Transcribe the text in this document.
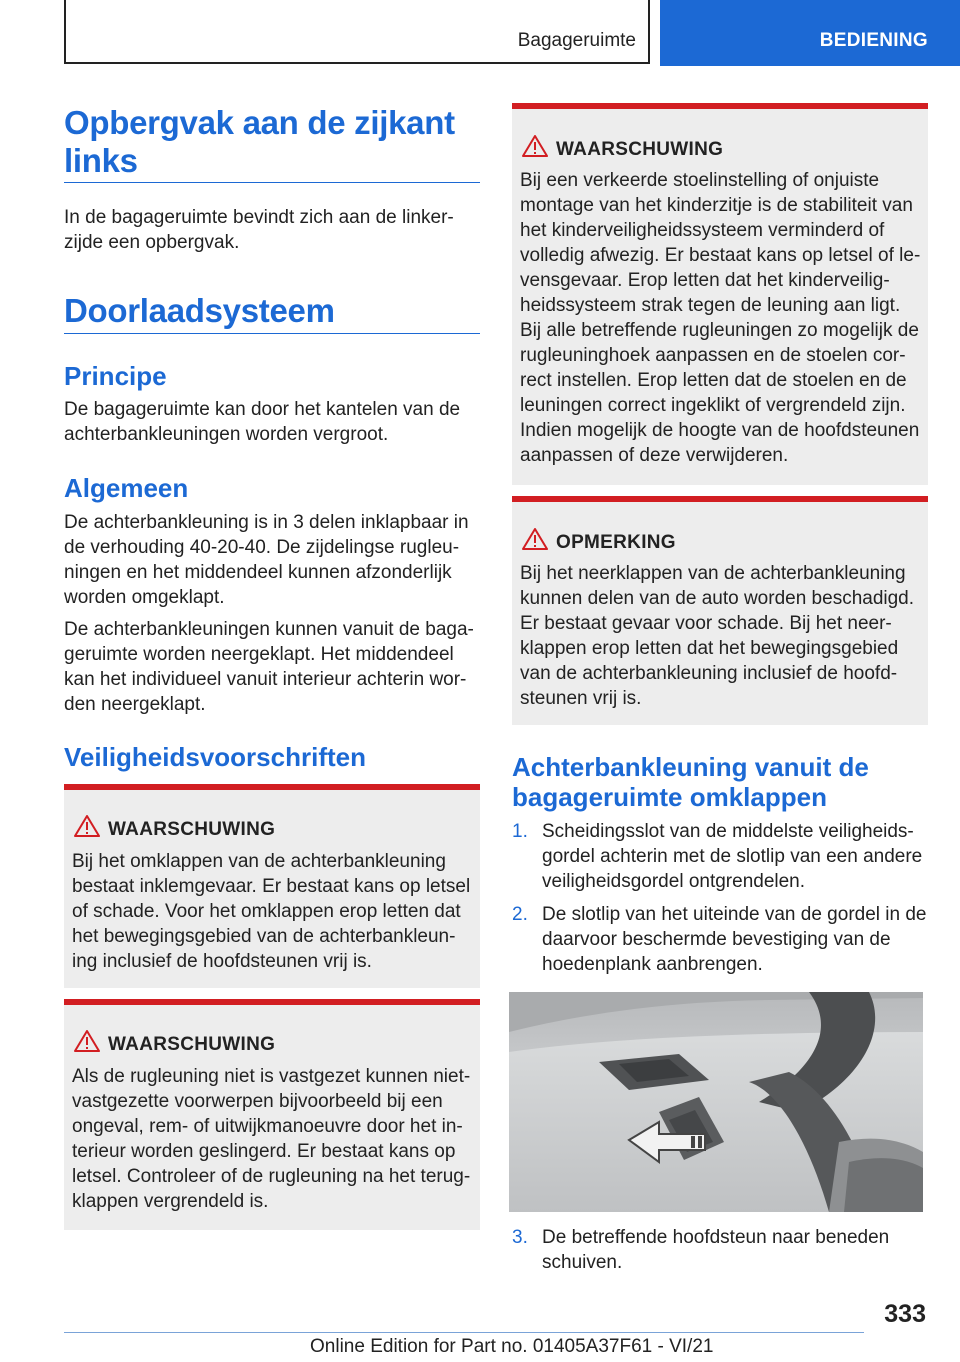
Bagageruimte	BEDIENING
Opbergvak aan de zijkant
links
In de bagageruimte bevindt zich aan de linker-
zijde een opbergvak.
Doorlaadsysteem
Principe
De bagageruimte kan door het kantelen van de
achterbankleuningen worden vergroot.
Algemeen
De achterbankleuning is in 3 delen inklapbaar in
de verhouding 40-20-40. De zijdelingse rugleu-
ningen en het middendeel kunnen afzonderlijk
worden omgeklapt.
De achterbankleuningen kunnen vanuit de baga-
geruimte worden neergeklapt. Het middendeel
kan het individueel vanuit interieur achterin wor-
den neergeklapt.
Veiligheidsvoorschriften
WAARSCHUWING
Bij het omklappen van de achterbankleuning
bestaat inklemgevaar. Er bestaat kans op letsel
of schade. Voor het omklappen erop letten dat
het bewegingsgebied van de achterbankleun-
ing inclusief de hoofdsteunen vrij is.
WAARSCHUWING
Als de rugleuning niet is vastgezet kunnen niet-
vastgezette voorwerpen bijvoorbeeld bij een
ongeval, rem- of uitwijkmanoeuvre door het in-
terieur worden geslingerd. Er bestaat kans op
letsel. Controleer of de rugleuning na het terug-
klappen vergrendeld is.
WAARSCHUWING
Bij een verkeerde stoelinstelling of onjuiste
montage van het kinderzitje is de stabiliteit van
het kinderveiligheidssysteem verminderd of
volledig afwezig. Er bestaat kans op letsel of le-
vensgevaar. Erop letten dat het kinderveilig-
heidssysteem strak tegen de leuning aan ligt.
Bij alle betreffende rugleuningen zo mogelijk de
rugleuninghoek aanpassen en de stoelen cor-
rect instellen. Erop letten dat de stoelen en de
leuningen correct ingeklikt of vergrendeld zijn.
Indien mogelijk de hoogte van de hoofdsteunen
aanpassen of deze verwijderen.
OPMERKING
Bij het neerklappen van de achterbankleuning
kunnen delen van de auto worden beschadigd.
Er bestaat gevaar voor schade. Bij het neer-
klappen erop letten dat het bewegingsgebied
van de achterbankleuning inclusief de hoofd-
steunen vrij is.
Achterbankleuning vanuit de
bagageruimte omklappen
1. Scheidingsslot van de middelste veiligheids-
gordel achterin met de slotlip van een andere
veiligheidsgordel ontgrendelen.
2. De slotlip van het uiteinde van de gordel in de
daarvoor beschermde bevestiging van de
hoedenplank aanbrengen.
3. De betreffende hoofdsteun naar beneden
schuiven.
333
Online Edition for Part no. 01405A37F61 - VI/21
